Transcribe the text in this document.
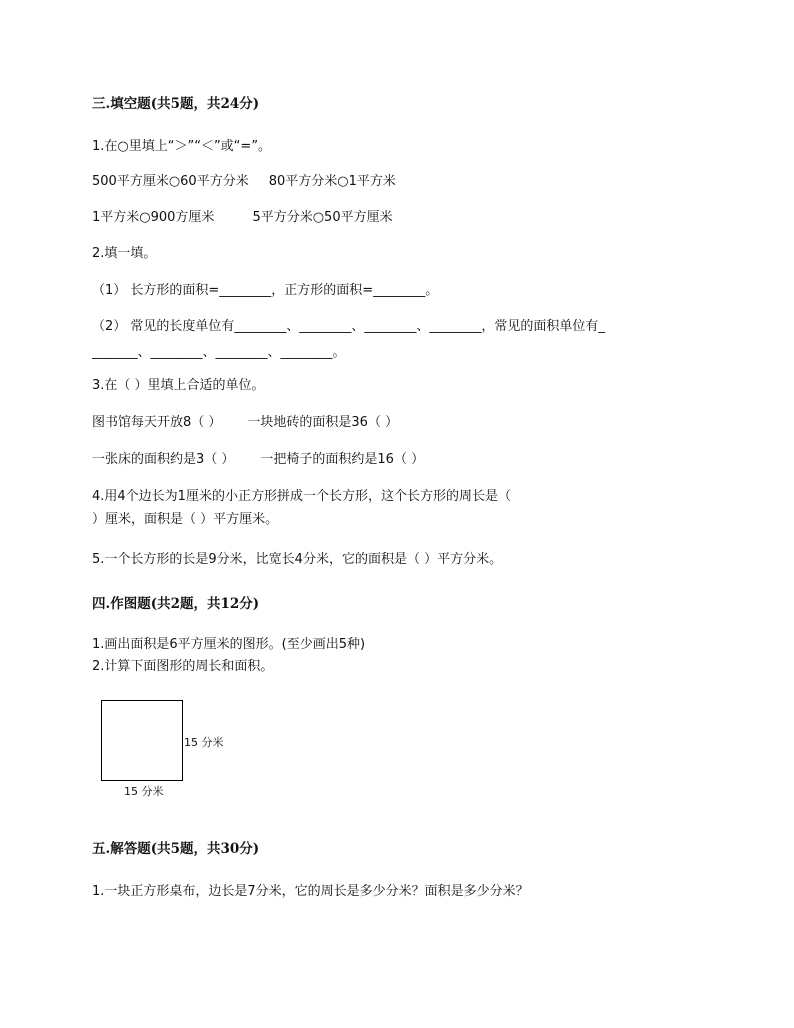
三.填空题(共5题，共24分)
1.在○里填上“＞”“＜”或“=”。
500平方厘米○60平方分米 80平方分米○1平方米
1平方米○900方厘米	5平方分米○50平方厘米
2.填一填。
（1） 长方形的面积=________，正方形的面积=________。
（2） 常见的长度单位有________、________、________、________，常见的面积单位有_
_______、________、________、________。
3.在（ ）里填上合适的单位。
图书馆每天开放8（ ） 一块地砖的面积是36（ ）
一张床的面积约是3（ ） 一把椅子的面积约是16（ ）
4.用4个边长为1厘米的小正方形拼成一个长方形，这个长方形的周长是（
）厘米，面积是（ ）平方厘米。
5.一个长方形的长是9分米，比宽长4分米，它的面积是（ ）平方分米。
四.作图题(共2题，共12分)
1.画出面积是6平方厘米的图形。(至少画出5种)
2.计算下面图形的周长和面积。
15 分米
15 分米
五.解答题(共5题，共30分)
1.一块正方形桌布，边长是7分米，它的周长是多少分米？面积是多少分米？
